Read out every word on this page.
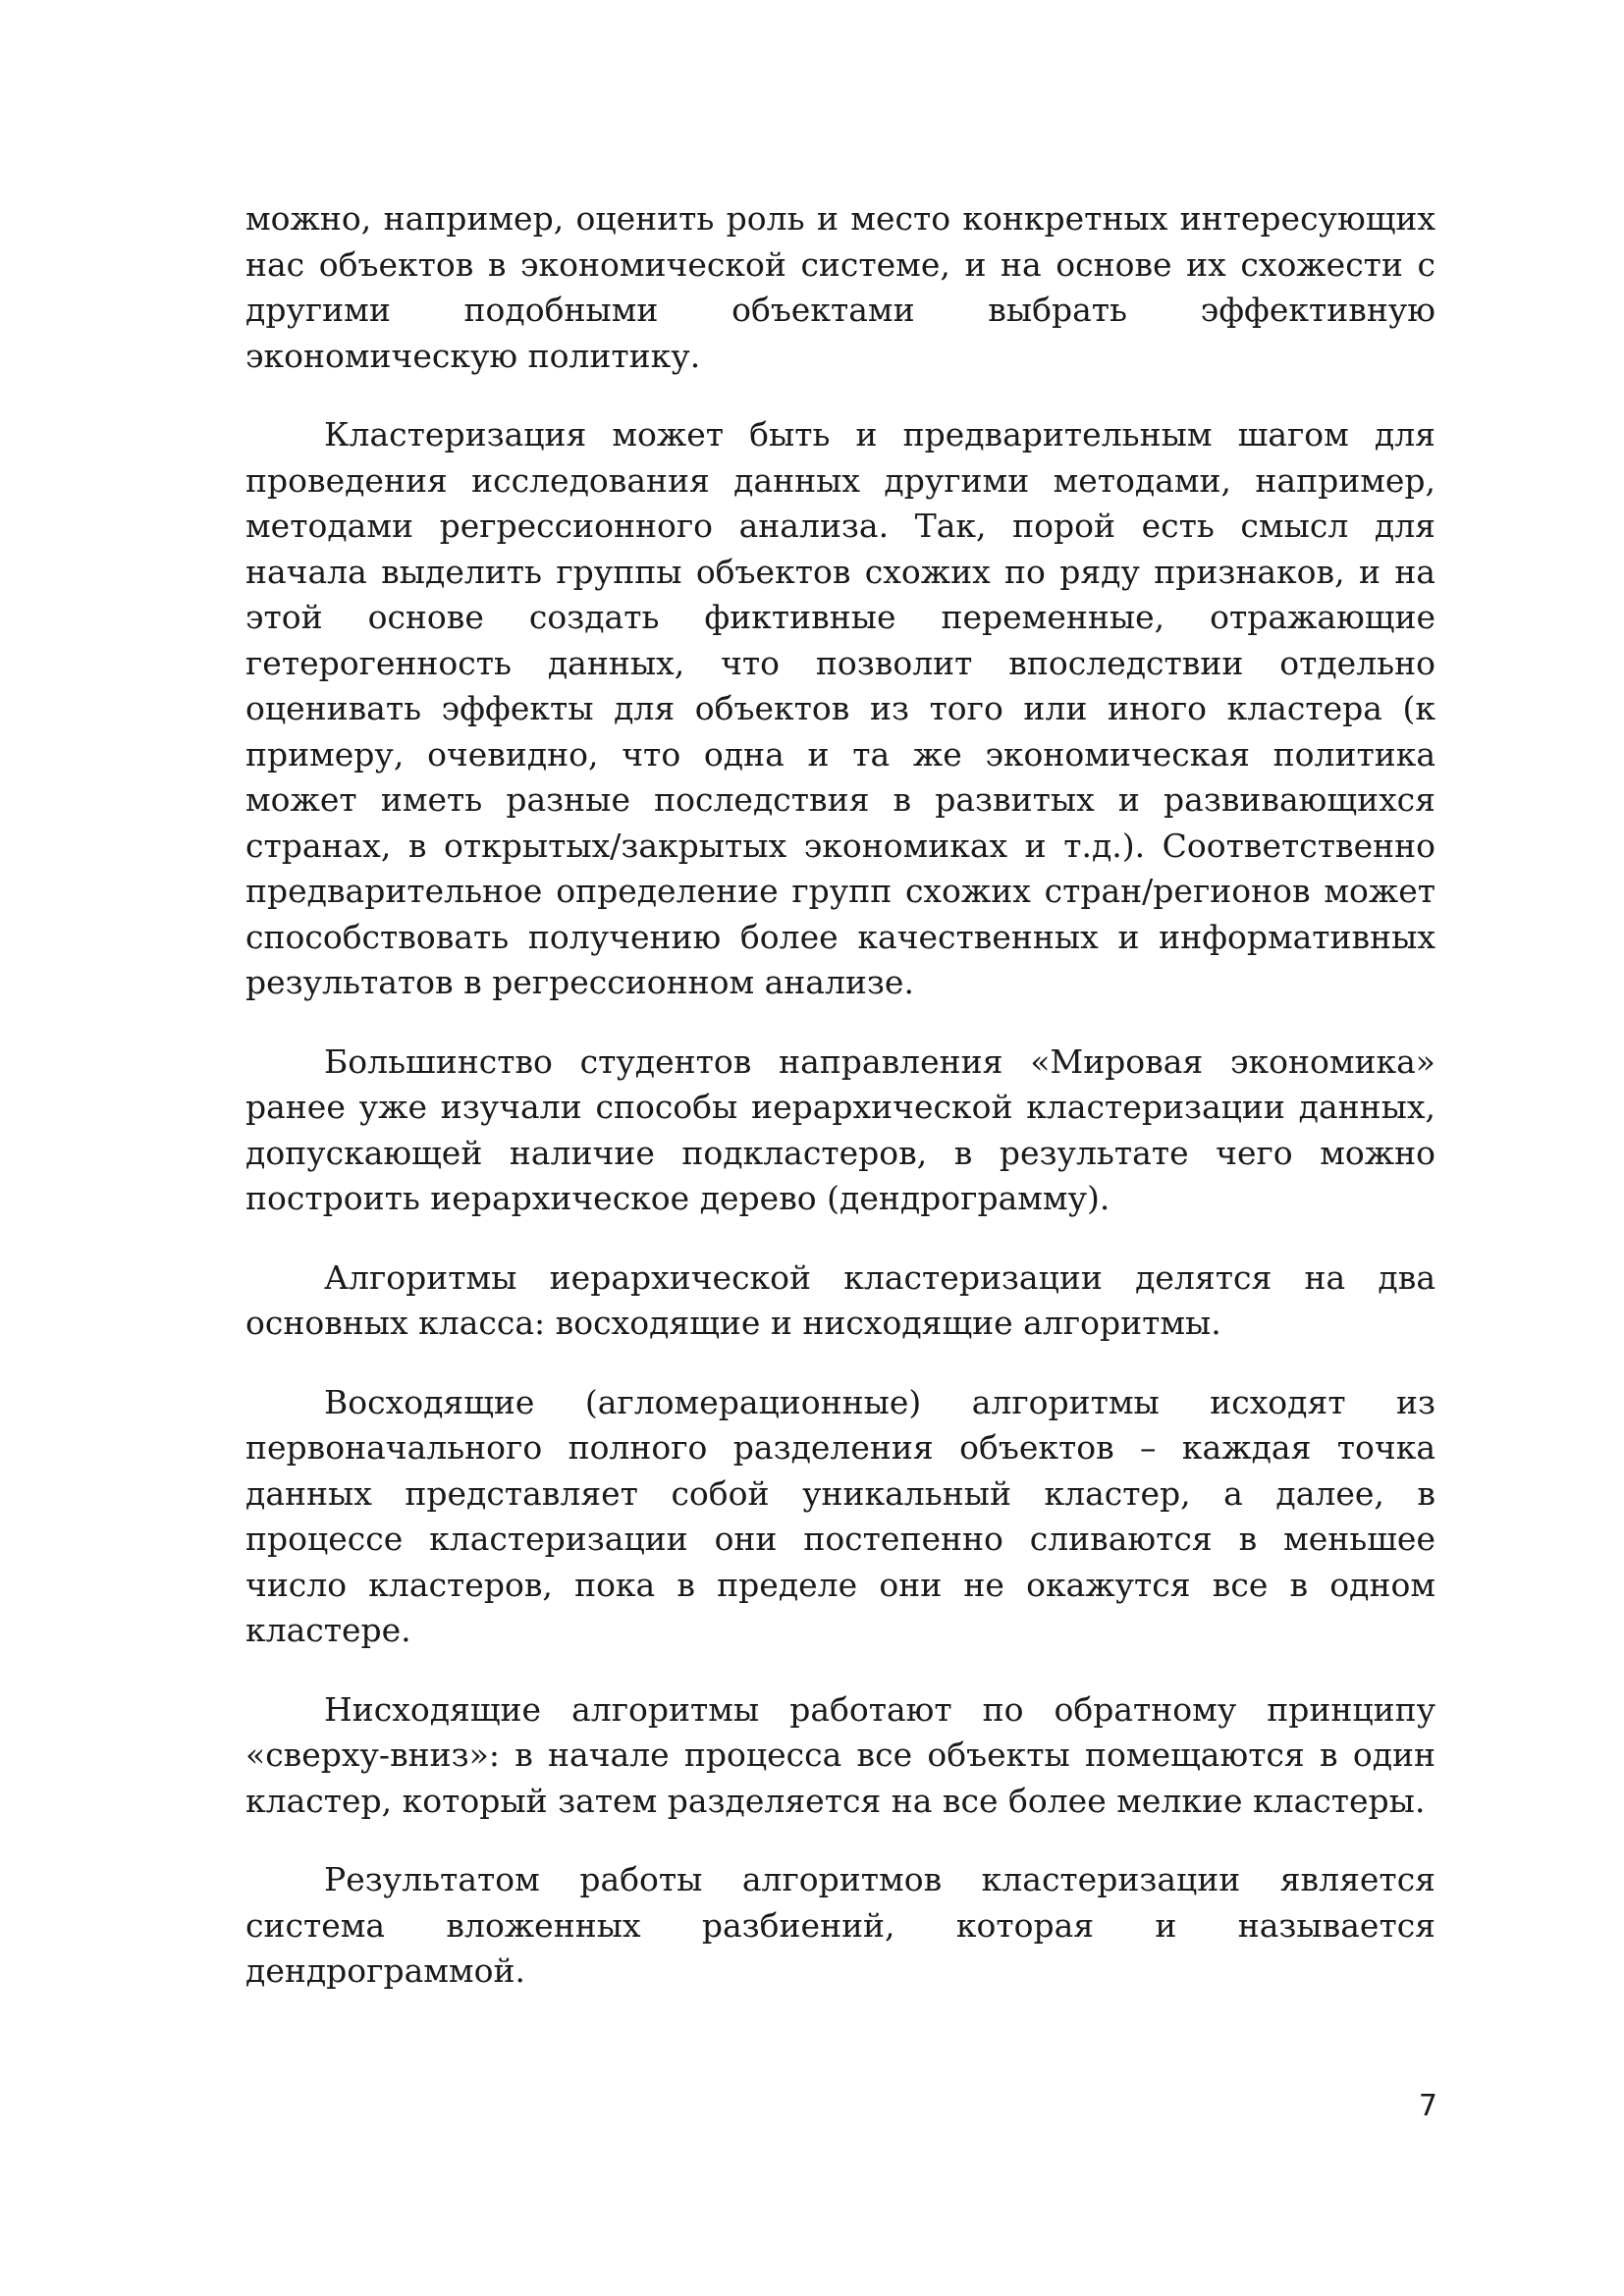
можно, например, оценить роль и место конкретных интересующих нас объектов в экономической системе, и на основе их схожести с другими подобными объектами выбрать эффективную экономическую политику.

Кластеризация может быть и предварительным шагом для проведения исследования данных другими методами, например, методами регрессионного анализа. Так, порой есть смысл для начала выделить группы объектов схожих по ряду признаков, и на этой основе создать фиктивные переменные, отражающие гетерогенность данных, что позволит впоследствии отдельно оценивать эффекты для объектов из того или иного кластера (к примеру, очевидно, что одна и та же экономическая политика может иметь разные последствия в развитых и развивающихся странах, в открытых/закрытых экономиках и т.д.). Соответственно предварительное определение групп схожих стран/регионов может способствовать получению более качественных и информативных результатов в регрессионном анализе.

Большинство студентов направления «Мировая экономика» ранее уже изучали способы иерархической кластеризации данных, допускающей наличие подкластеров, в результате чего можно построить иерархическое дерево (дендрограмму).

Алгоритмы иерархической кластеризации делятся на два основных класса: восходящие и нисходящие алгоритмы.

Восходящие (агломерационные) алгоритмы исходят из первоначального полного разделения объектов – каждая точка данных представляет собой уникальный кластер, а далее, в процессе кластеризации они постепенно сливаются в меньшее число кластеров, пока в пределе они не окажутся все в одном кластере.

Нисходящие алгоритмы работают по обратному принципу «сверху-вниз»: в начале процесса все объекты помещаются в один кластер, который затем разделяется на все более мелкие кластеры.

Результатом работы алгоритмов кластеризации является система вложенных разбиений, которая и называется дендрограммой.

7
